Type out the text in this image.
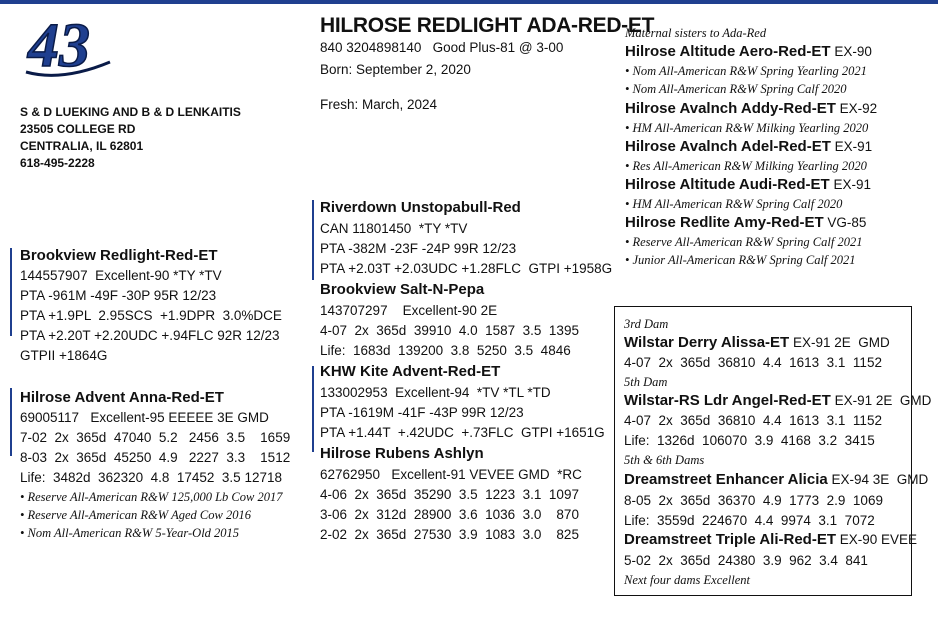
43
S & D LUEKING AND B & D LENKAITIS
23505 COLLEGE RD
CENTRALIA, IL 62801
618-495-2228
HILROSE REDLIGHT ADA-RED-ET
840 3204898140   Good Plus-81 @ 3-00
Born: September 2, 2020
Fresh: March, 2024
Brookview Redlight-Red-ET
144557907  Excellent-90 *TY *TV
PTA -961M -49F -30P 95R 12/23
PTA +1.9PL  2.95SCS  +1.9DPR  3.0%DCE
PTA +2.20T +2.20UDC +.94FLC 92R 12/23
GTPII +1864G
Hilrose Advent Anna-Red-ET
69005117   Excellent-95 EEEEE 3E GMD
7-02  2x  365d  47040  5.2   2456  3.5    1659
8-03  2x  365d  45250  4.9   2227  3.3    1512
Life:  3482d  362320  4.8  17452  3.5 12718
• Reserve All-American R&W 125,000 Lb Cow 2017
• Reserve All-American R&W Aged Cow 2016
• Nom All-American R&W 5-Year-Old 2015
Riverdown Unstopabull-Red
CAN 11801450  *TY *TV
PTA -382M -23F -24P 99R 12/23
PTA +2.03T +2.03UDC +1.28FLC  GTPI +1958G
Brookview Salt-N-Pepa
143707297    Excellent-90 2E
4-07  2x  365d  39910  4.0  1587  3.5  1395
Life:  1683d  139200  3.8  5250  3.5  4846
KHW Kite Advent-Red-ET
133002953  Excellent-94  *TV *TL *TD
PTA -1619M -41F -43P 99R 12/23
PTA +1.44T  +.42UDC  +.73FLC  GTPI +1651G
Hilrose Rubens Ashlyn
62762950   Excellent-91 VEVEE GMD  *RC
4-06  2x  365d  35290  3.5  1223  3.1  1097
3-06  2x  312d  28900  3.6  1036  3.0    870
2-02  2x  365d  27530  3.9  1083  3.0    825
Maternal sisters to Ada-Red
Hilrose Altitude Aero-Red-ET EX-90
• Nom All-American R&W Spring Yearling 2021
• Nom All-American R&W Spring Calf 2020
Hilrose Avalnch Addy-Red-ET EX-92
• HM All-American R&W Milking Yearling 2020
Hilrose Avalnch Adel-Red-ET EX-91
• Res All-American R&W Milking Yearling 2020
Hilrose Altitude Audi-Red-ET EX-91
• HM All-American R&W Spring Calf 2020
Hilrose Redlite Amy-Red-ET VG-85
• Reserve All-American R&W Spring Calf 2021
• Junior All-American R&W Spring Calf 2021
3rd Dam
Wilstar Derry Alissa-ET EX-91 2E  GMD
4-07  2x  365d  36810  4.4  1613  3.1  1152
5th Dam
Wilstar-RS Ldr Angel-Red-ET EX-91 2E  GMD
4-07  2x  365d  36810  4.4  1613  3.1  1152
Life:  1326d  106070  3.9  4168  3.2  3415
5th & 6th Dams
Dreamstreet Enhancer Alicia EX-94 3E  GMD
8-05  2x  365d  36370  4.9  1773  2.9  1069
Life:  3559d  224670  4.4  9974  3.1  7072
Dreamstreet Triple Ali-Red-ET EX-90 EVEE
5-02  2x  365d  24380  3.9  962  3.4  841
Next four dams Excellent
